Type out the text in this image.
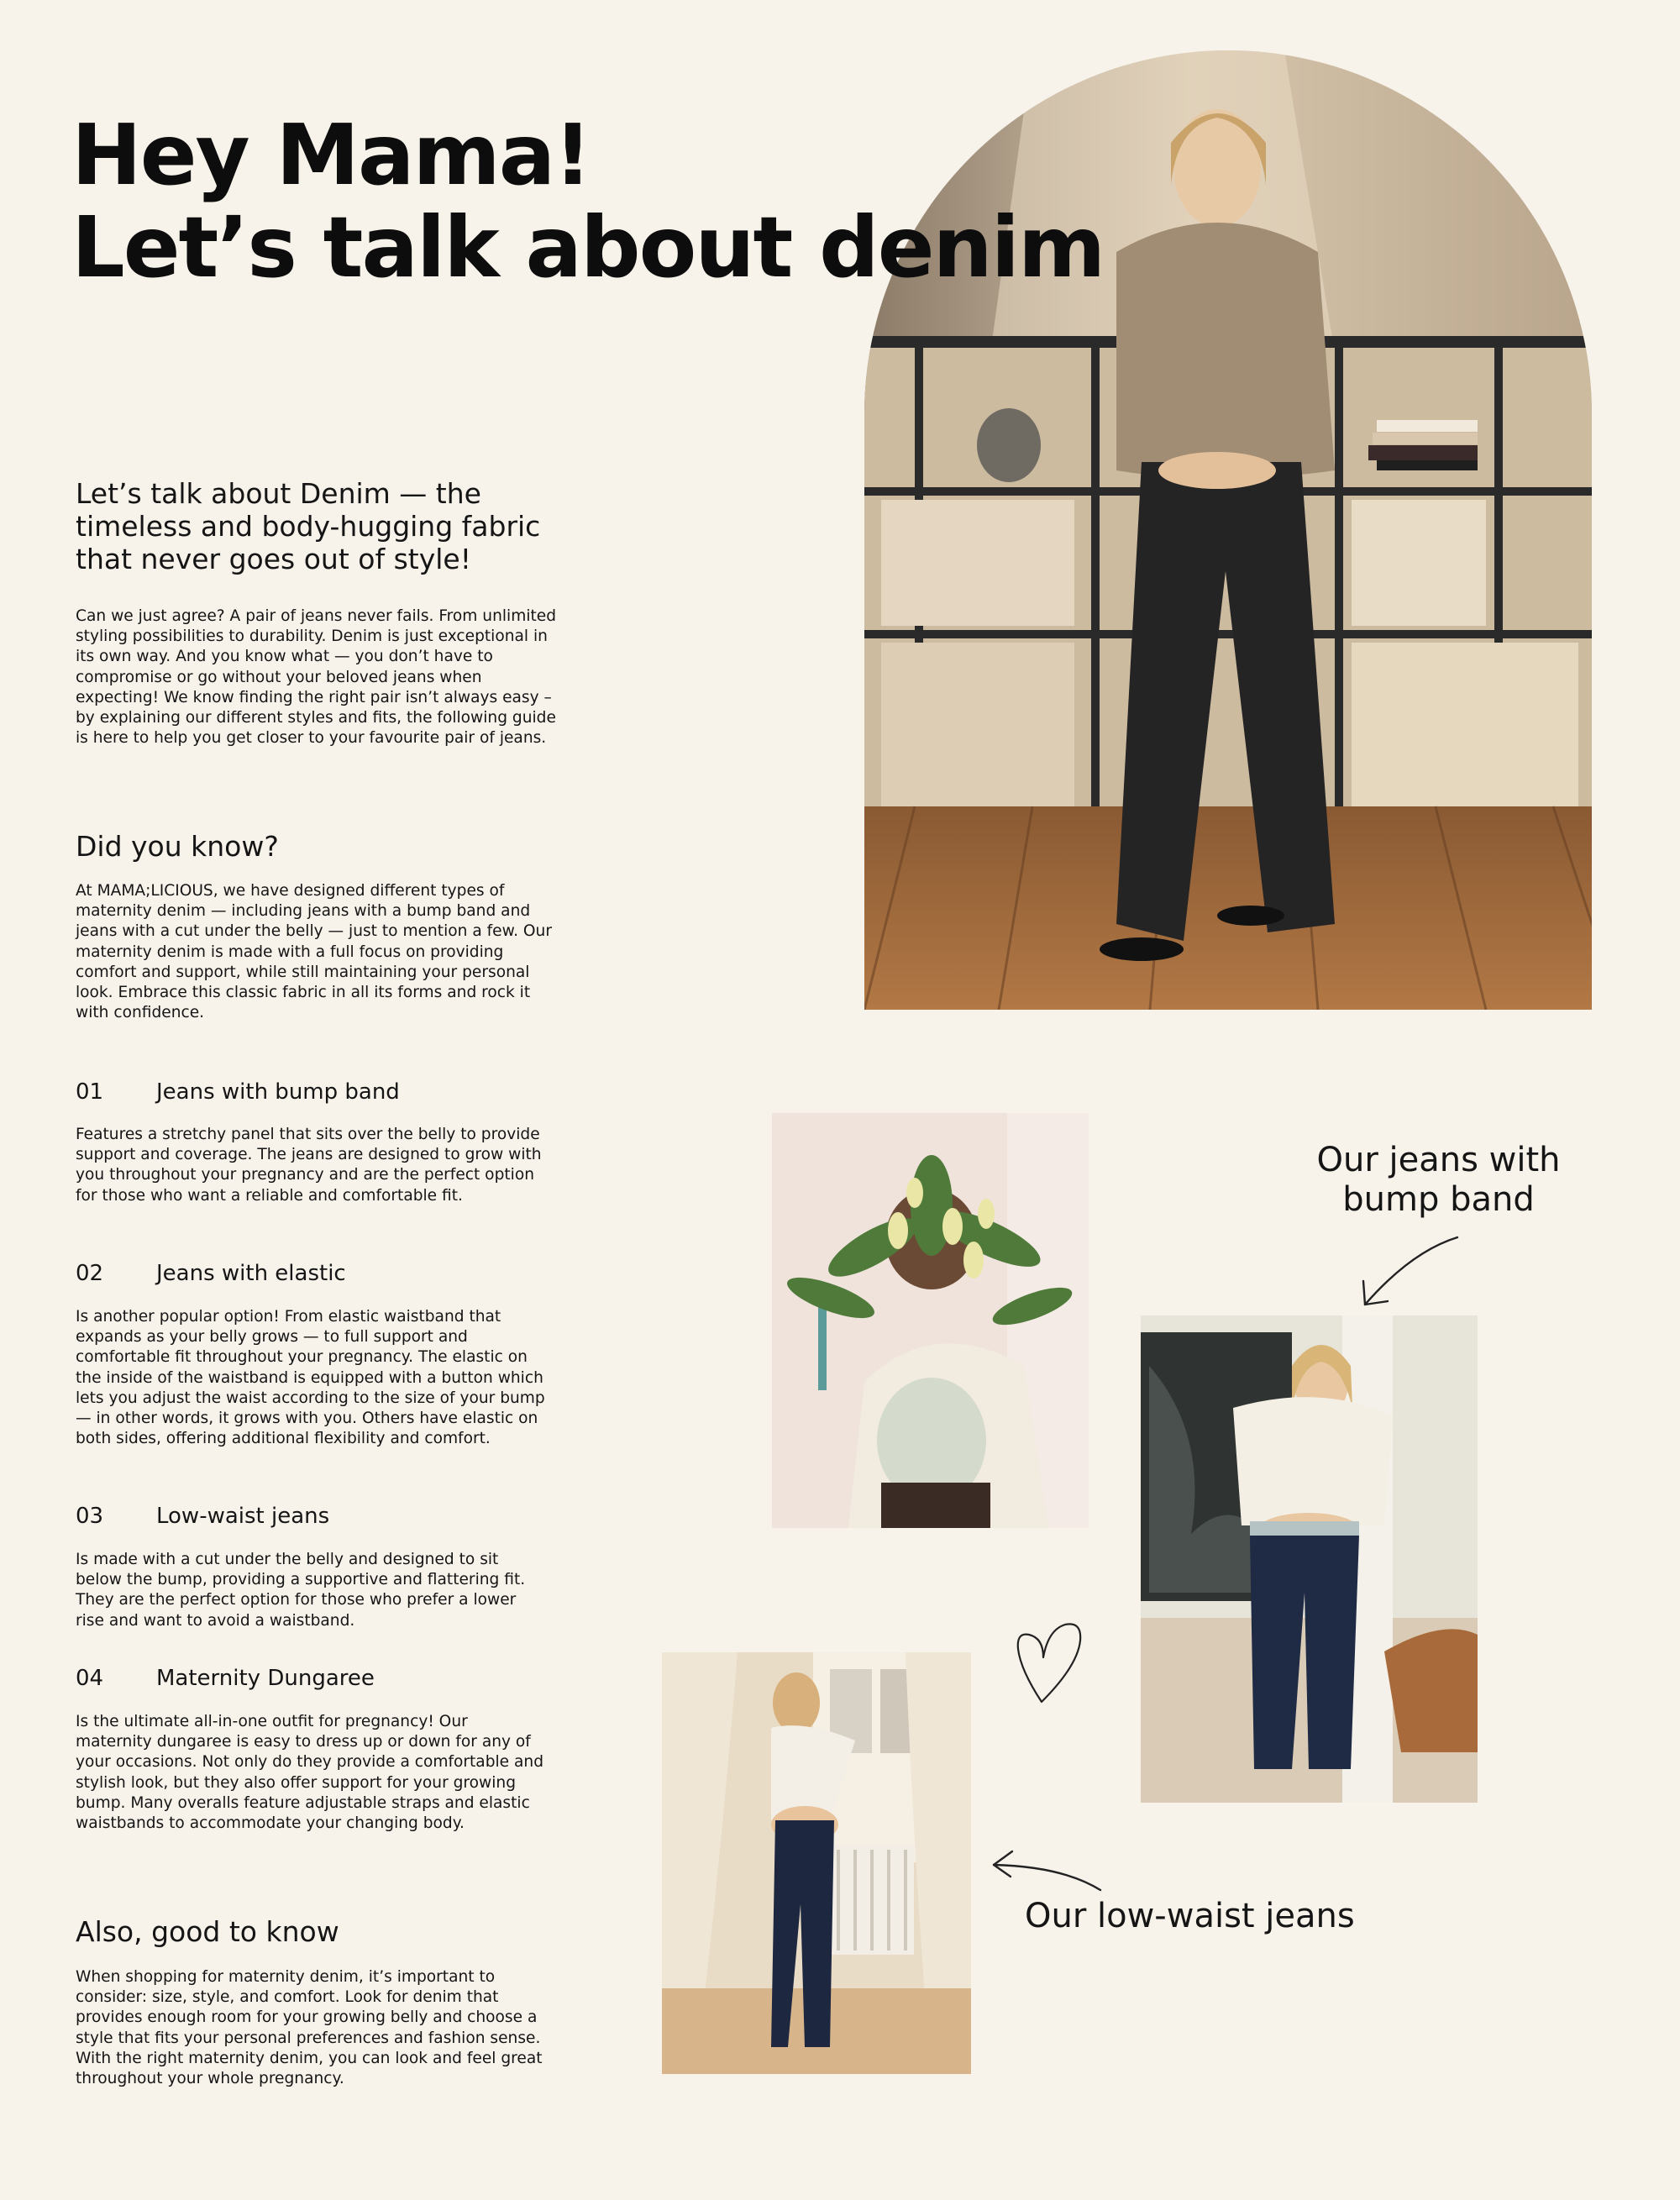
Hey Mama!
Let’s talk about denim
Let’s talk about Denim — the timeless and body-hugging fabric that never goes out of style!

Can we just agree? A pair of jeans never fails. From unlimited styling possibilities to durability. Denim is just exceptional in its own way. And you know what — you don’t have to compromise or go without your beloved jeans when expecting! We know finding the right pair isn’t always easy – by explaining our different styles and fits, the following guide is here to help you get closer to your favourite pair of jeans.

Did you know?

At MAMA;LICIOUS, we have designed different types of maternity denim — including jeans with a bump band and jeans with a cut under the belly — just to mention a few. Our maternity denim is made with a full focus on providing comfort and support, while still maintaining your personal look. Embrace this classic fabric in all its forms and rock it with confidence.

01 Jeans with bump band

Features a stretchy panel that sits over the belly to provide support and coverage. The jeans are designed to grow with you throughout your pregnancy and are the perfect option for those who want a reliable and comfortable fit.

02 Jeans with elastic

Is another popular option! From elastic waistband that expands as your belly grows — to full support and comfortable fit throughout your pregnancy. The elastic on the inside of the waistband is equipped with a button which lets you adjust the waist according to the size of your bump — in other words, it grows with you. Others have elastic on both sides, offering additional flexibility and comfort.

03 Low-waist jeans

Is made with a cut under the belly and designed to sit below the bump, providing a supportive and flattering fit. They are the perfect option for those who prefer a lower rise and want to avoid a waistband.

04 Maternity Dungaree

Is the ultimate all-in-one outfit for pregnancy! Our maternity dungaree is easy to dress up or down for any of your occasions. Not only do they provide a comfortable and stylish look, but they also offer support for your growing bump. Many overalls feature adjustable straps and elastic waistbands to accommodate your changing body.

Also, good to know

When shopping for maternity denim, it’s important to consider: size, style, and comfort. Look for denim that provides enough room for your growing belly and choose a style that fits your personal preferences and fashion sense. With the right maternity denim, you can look and feel great throughout your whole pregnancy.

Our jeans with
bump band
Our low-waist jeans
